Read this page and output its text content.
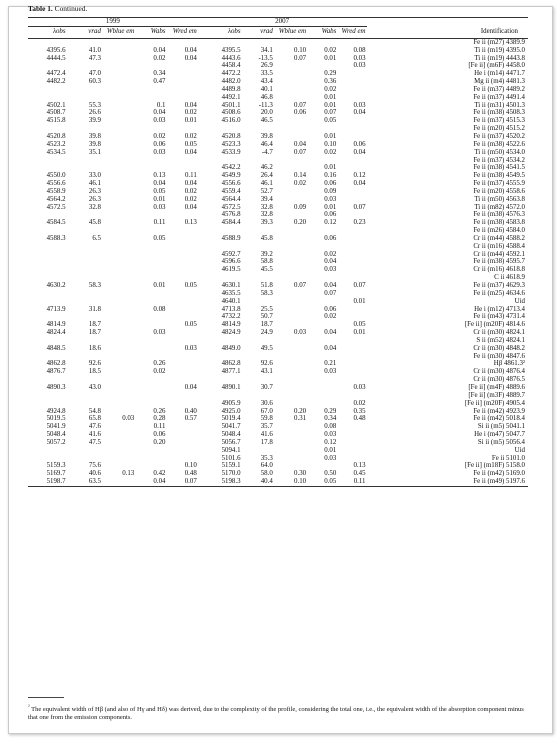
Table 1. Continued.
1999					2007					
λobs	vrad	Wblue em	Wabs	Wred em	λobs	vrad	Wblue em	Wabs	Wred em	Identification
										Fe ii (m27) 4389.9
4395.6	41.0		0.04	0.04	4395.5	34.1	0.10	0.02	0.08	Ti ii (m19) 4395.0
4444.5	47.3		0.02	0.04	4443.6	-13.5	0.07	0.01	0.03	Ti ii (m19) 4443.8
					4458.4	26.9			0.03	[Fe ii] (m6F) 4458.0
4472.4	47.0		0.34		4472.2	33.5		0.29		He i (m14) 4471.7
4482.2	60.3		0.47		4482.0	43.4		0.36		Mg ii (m4) 4481.3
					4489.8	40.1		0.02		Fe ii (m37) 4489.2
					4492.1	46.8		0.01		Fe ii (m37) 4491.4
4502.1	55.3		0.1	0.04	4501.1	-11.3	0.07	0.01	0.03	Ti ii (m31) 4501.3
4508.7	26.6		0.04	0.02	4508.6	20.0	0.06	0.07	0.04	Fe ii (m38) 4508.3
4515.8	39.9		0.03	0.01	4516.0	46.5		0.05		Fe ii (m37) 4515.3
										Fe ii (m20) 4515.2
4520.8	39.8		0.02	0.02	4520.8	39.8		0.01		Fe ii (m37) 4520.2
4523.2	39.8		0.06	0.05	4523.3	46.4	0.04	0.10	0.06	Fe ii (m38) 4522.6
4534.5	35.1		0.03	0.04	4533.9	-4.7	0.07	0.02	0.04	Ti ii (m50) 4534.0
										Fe ii (m37) 4534.2
					4542.2	46.2		0.01		Fe ii (m38) 4541.5
4550.0	33.0		0.13	0.11	4549.9	26.4	0.14	0.16	0.12	Fe ii (m38) 4549.5
4556.6	46.1		0.04	0.04	4556.6	46.1	0.02	0.06	0.04	Fe ii (m37) 4555.9
4558.9	26.3		0.05	0.02	4559.4	52.7		0.09		Fe ii (m20) 4558.6
4564.2	26.3		0.01	0.02	4564.4	39.4		0.03		Ti ii (m50) 4563.8
4572.5	32.8		0.03	0.04	4572.5	32.8	0.09	0.01	0.07	Ti ii (m82) 4572.0
					4576.8	32.8		0.06		Fe ii (m38) 4576.3
4584.5	45.8		0.11	0.13	4584.4	39.3	0.20	0.12	0.23	Fe ii (m38) 4583.8
										Fe ii (m26) 4584.0
4588.3	6.5		0.05		4588.9	45.8		0.06		Cr ii (m44) 4588.2
										Cr ii (m16) 4588.4
					4592.7	39.2		0.02		Cr ii (m44) 4592.1
					4596.6	58.8		0.04		Fe ii (m38) 4595.7
					4619.5	45.5		0.03		Cr ii (m16) 4618.8
										C ii 4618.9
4630.2	58.3		0.01	0.05	4630.1	51.8	0.07	0.04	0.07	Fe ii (m37) 4629.3
					4635.5	58.3		0.07		Fe ii (m25) 4634.6
					4640.1				0.01	Uid
4713.9	31.8		0.08		4713.8	25.5		0.06		He i (m12) 4713.4
					4732.2	50.7		0.02		Fe ii (m43) 4731.4
4814.9	18.7			0.05	4814.9	18.7			0.05	[Fe ii] (m20F) 4814.6
4824.4	18.7		0.03		4824.9	24.9	0.03	0.04	0.01	Cr ii (m30) 4824.1
										S ii (m52) 4824.1
4848.5	18.6			0.03	4849.0	49.5		0.04		Cr ii (m30) 4848.2
										Fe ii (m30) 4847.6
4862.8	92.6		0.26		4862.8	92.6		0.21		Hβ 4861.3²
4876.7	18.5		0.02		4877.1	43.1		0.03		Cr ii (m30) 4876.4
										Cr ii (m30) 4876.5
4890.3	43.0			0.04	4890.1	30.7			0.03	[Fe ii] (m4F) 4889.6
										[Fe ii] (m3F) 4889.7
					4905.9	30.6			0.02	[Fe ii] (m20F) 4905.4
4924.8	54.8		0.26	0.40	4925.0	67.0	0.20	0.29	0.35	Fe ii (m42) 4923.9
5019.5	65.8	0.03	0.28	0.57	5019.4	59.8	0.31	0.34	0.48	Fe ii (m42) 5018.4
5041.9	47.6		0.11		5041.7	35.7		0.08		Si ii (m5) 5041.1
5048.4	41.6		0.06		5048.4	41.6		0.03		He i (m47) 5047.7
5057.2	47.5		0.20		5056.7	17.8		0.12		Si ii (m5) 5056.4
					5094.1			0.01		Uid
					5101.6	35.3		0.03		Fe ii 5101.0
5159.3	75.6			0.10	5159.1	64.0			0.13	[Fe ii] (m18F) 5158.0
5169.7	40.6	0.13	0.42	0.48	5170.0	58.0	0.30	0.50	0.45	Fe ii (m42) 5169.0
5198.7	63.5		0.04	0.07	5198.3	40.4	0.10	0.05	0.11	Fe ii (m49) 5197.6
$^{^2}$ The equivalent width of Hβ (and also of Hγ and Hδ) was derived, due to the complexity of the profile, considering the total one, i.e., the equivalent width of the absorption component minus that one from the emission components.
